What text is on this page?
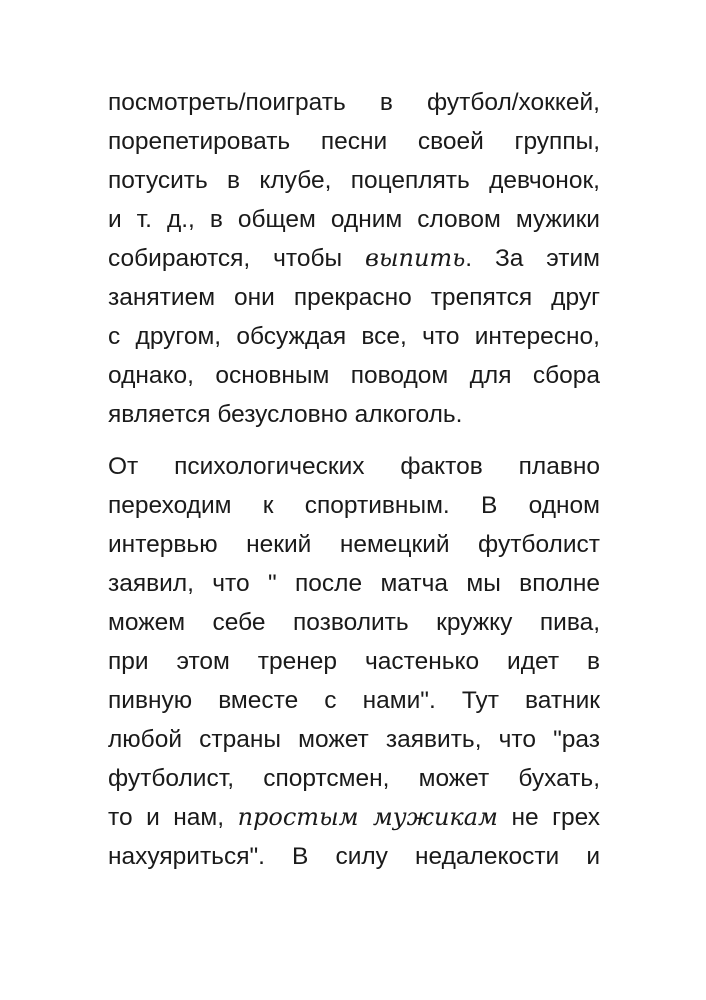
посмотреть/поиграть в футбол/хоккей,
порепетировать песни своей группы,
потусить в клубе, поцеплять девчонок,
и т. д., в общем одним словом мужики
собираются, чтобы выпить. За этим
занятием они прекрасно трепятся друг
с другом, обсуждая все, что интересно,
однако, основным поводом для сбора
является безусловно алкоголь.
От психологических фактов плавно
переходим к спортивным. В одном
интервью некий немецкий футболист
заявил, что " после матча мы вполне
можем себе позволить кружку пива,
при этом тренер частенько идет в
пивную вместе с нами". Тут ватник
любой страны может заявить, что "раз
футболист, спортсмен, может бухать,
то и нам, простым мужикам не грех
нахуяриться". В силу недалекости и
